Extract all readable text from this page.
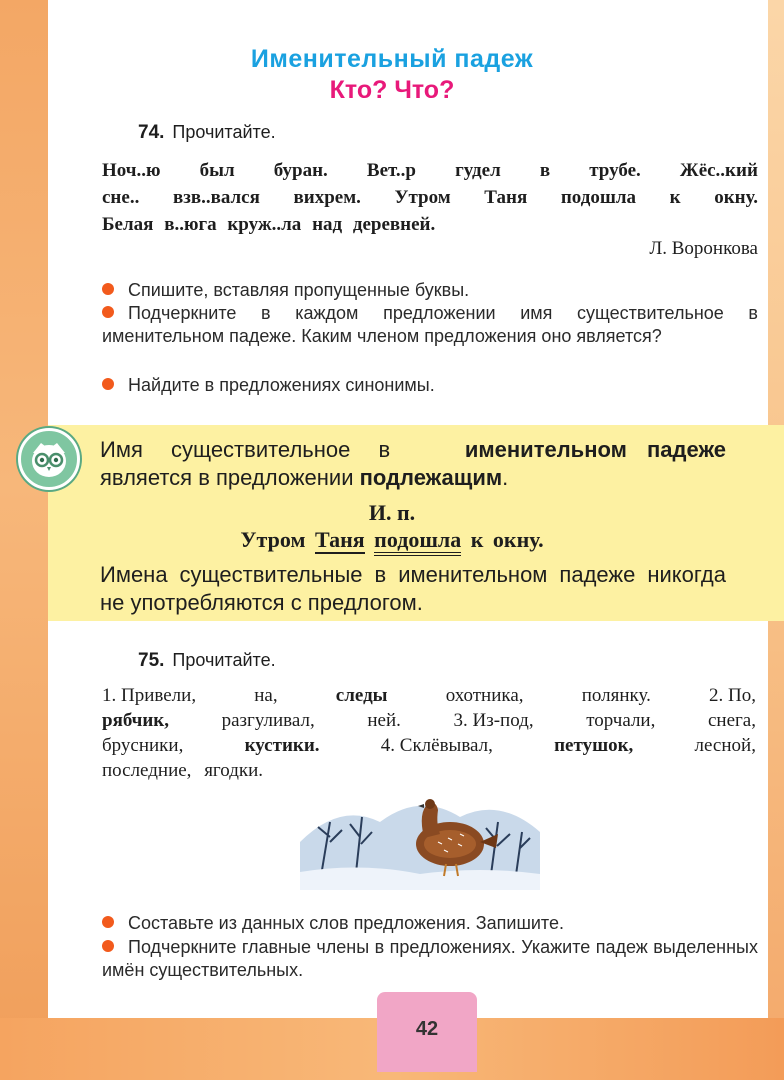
Именительный падеж
Кто? Что?
74. Прочитайте.
Ноч..ю был буран. Вет..р гудел в трубе. Жёс..кий
сне.. взв..вался вихрем. Утром Таня подошла к окну.
Белая в..юга круж..ла над деревней.
Л. Воронкова
Спишите, вставляя пропущенные буквы.
Подчеркните в каждом предложении имя существительное в именительном падеже. Каким членом предложения оно является?
Найдите в предложениях синонимы.
Имя существительное в	именительном падеже
является в предложении подлежащим.
И. п.
Утром Таня подошла к окну.
Имена существительные в именительном падеже никогда не употребляются с предлогом.
75. Прочитайте.
1. Привели,	на,	следы	охотника,	полянку.	2. По,
рябчик,	разгуливал,	ней.	3. Из-под,	торчали,	снега,
брусники,	кустики.	4. Склёвывал,	петушок,	лесной,
последние, ягодки.
Составьте из данных слов предложения. Запишите.
Подчеркните главные члены в предложениях. Укажите падеж выделенных имён существительных.
42
